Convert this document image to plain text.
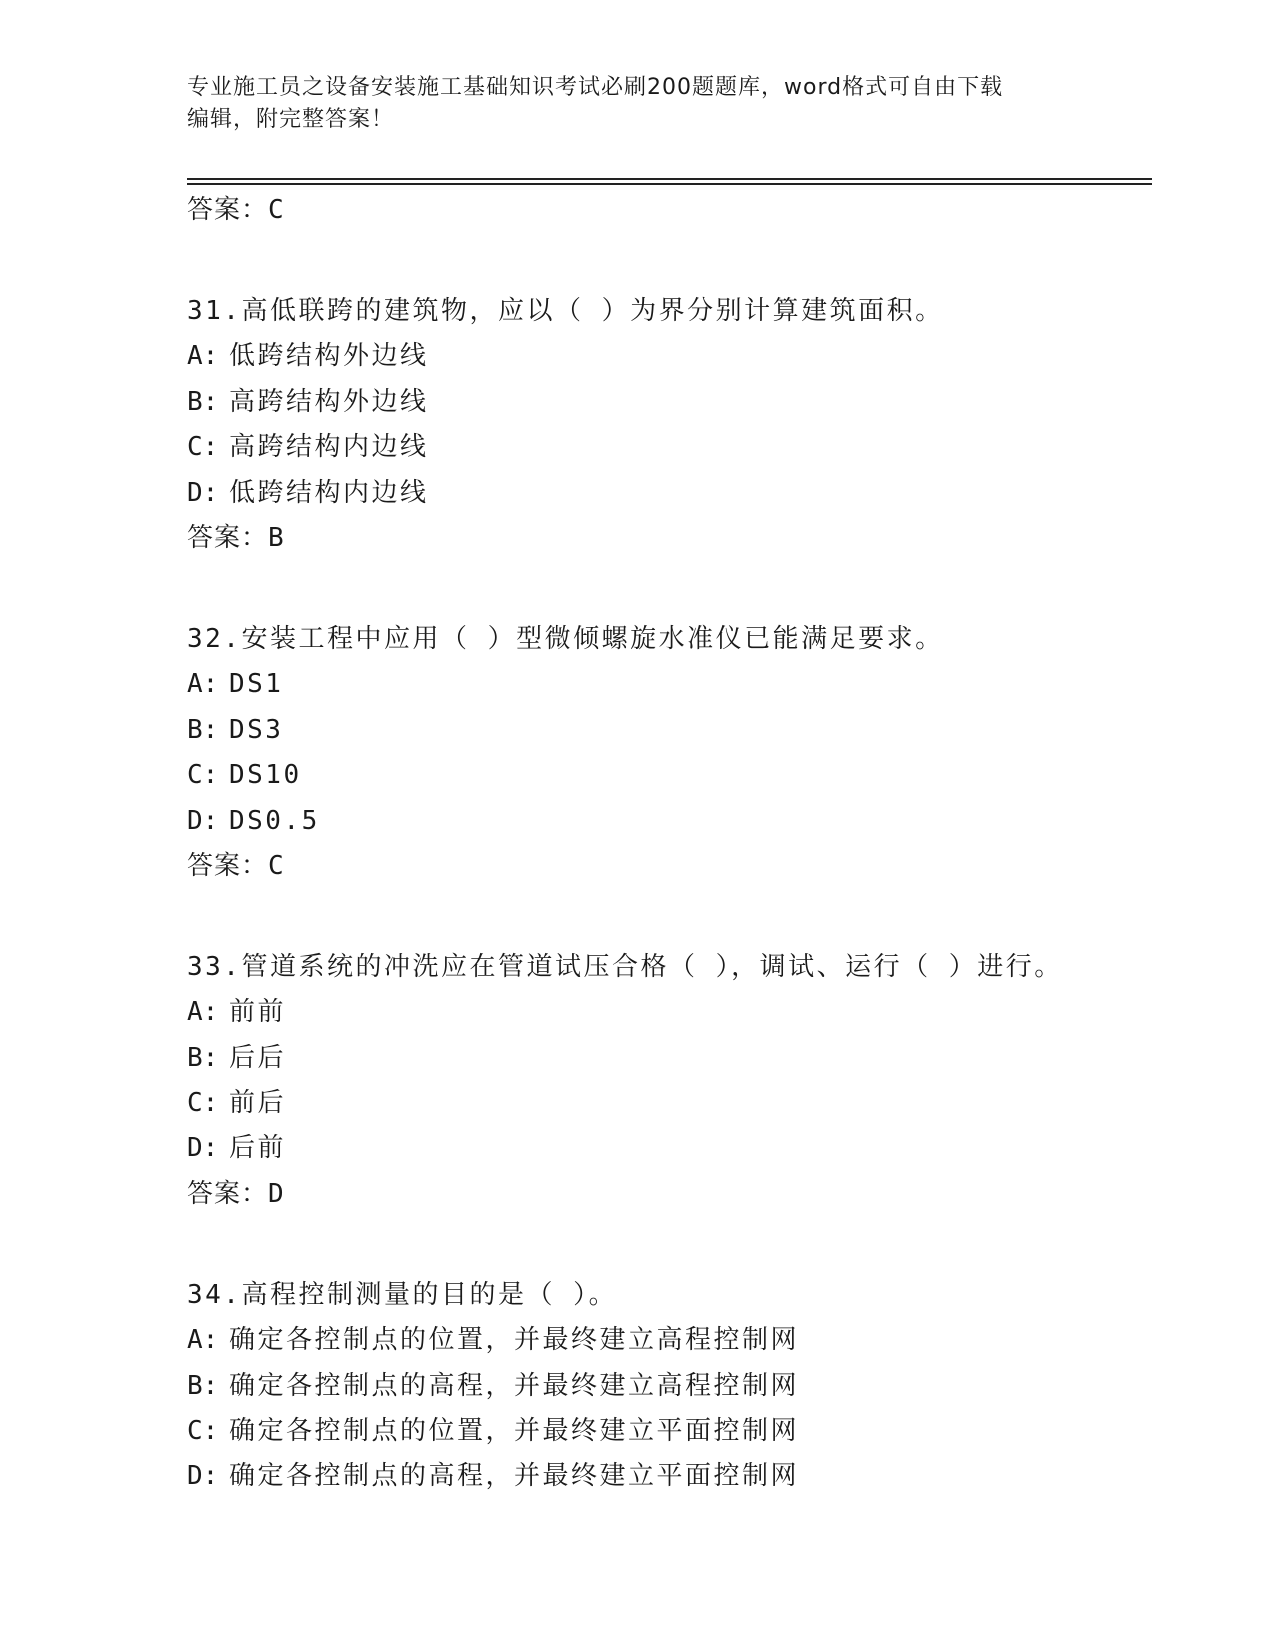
专业施工员之设备安装施工基础知识考试必刷200题题库，word格式可自由下载
编辑，附完整答案！
答案：C
31.高低联跨的建筑物，应以（ ）为界分别计算建筑面积。
A: 低跨结构外边线
B: 高跨结构外边线
C: 高跨结构内边线
D: 低跨结构内边线
答案：B
32.安装工程中应用（ ）型微倾螺旋水准仪已能满足要求。
A: DS1
B: DS3
C: DS10
D: DS0.5
答案：C
33.管道系统的冲洗应在管道试压合格（ ），调试、运行（ ）进行。
A: 前前
B: 后后
C: 前后
D: 后前
答案：D
34.高程控制测量的目的是（ ）。
A: 确定各控制点的位置，并最终建立高程控制网
B: 确定各控制点的高程，并最终建立高程控制网
C: 确定各控制点的位置，并最终建立平面控制网
D: 确定各控制点的高程，并最终建立平面控制网
